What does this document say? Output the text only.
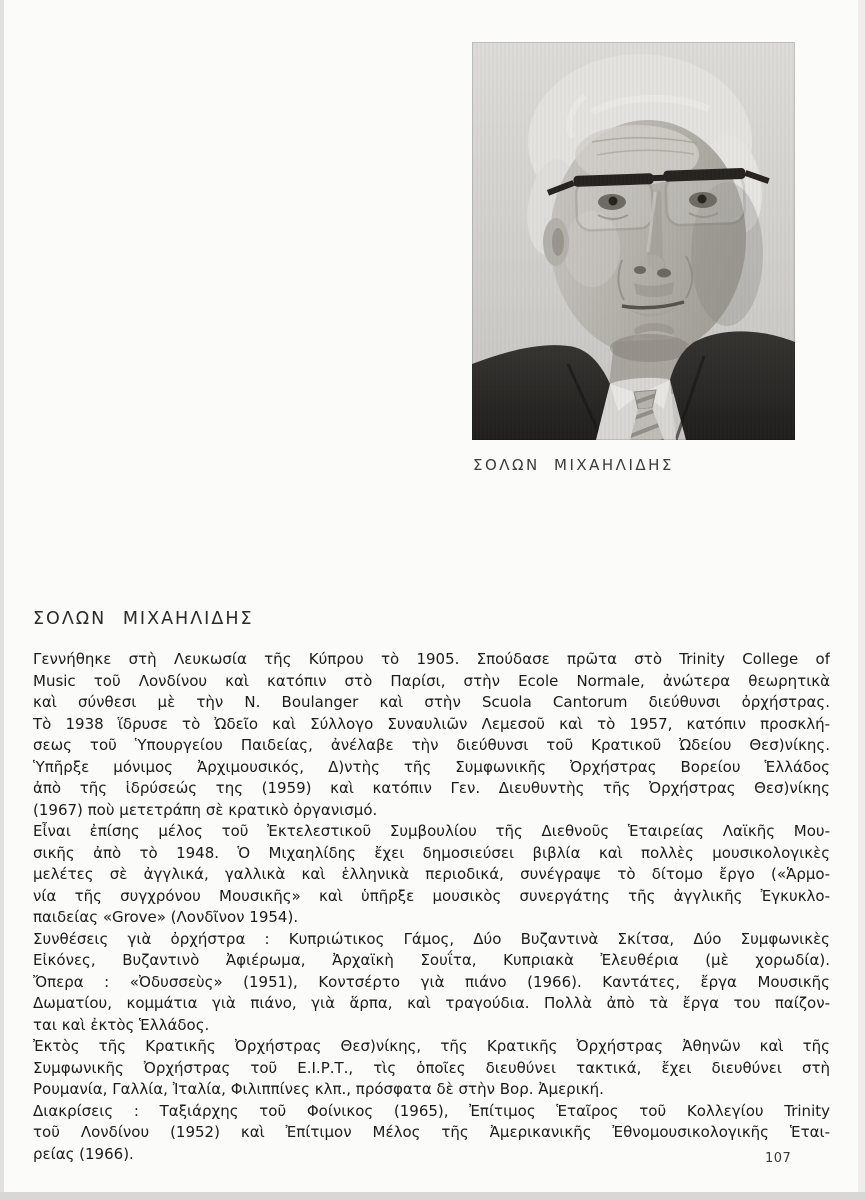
ΣΟΛΩΝ ΜΙΧΑΗΛΙΔΗΣ
ΣΟΛΩΝ ΜΙΧΑΗΛΙΔΗΣ
Γεννήθηκε στὴ Λευκωσία τῆς Κύπρου τὸ 1905. Σπούδασε πρῶτα στὸ Trinity College of
Music τοῦ Λονδίνου καὶ κατόπιν στὸ Παρίσι, στὴν Ecole Normale, ἀνώτερα θεωρητικὰ
καὶ σύνθεσι μὲ τὴν N. Boulanger καὶ στὴν Scuola Cantorum διεύθυνσι ὀρχήστρας.
Τὸ 1938 ἵδρυσε τὸ Ὠδεῖο καὶ Σύλλογο Συναυλιῶν Λεμεσοῦ καὶ τὸ 1957, κατόπιν προσκλή-
σεως τοῦ Ὑπουργείου Παιδείας, ἀνέλαβε τὴν διεύθυνσι τοῦ Κρατικοῦ Ὠδείου Θεσ)νίκης.
Ὑπῆρξε μόνιμος Ἀρχιμουσικός, Δ)ντὴς τῆς Συμφωνικῆς Ὀρχήστρας Βορείου Ἑλλάδος
ἀπὸ τῆς ἱδρύσεώς της (1959) καὶ κατόπιν Γεν. Διευθυντὴς τῆς Ὀρχήστρας Θεσ)νίκης
(1967) ποὺ μετετράπη σὲ κρατικὸ ὀργανισμό.
Εἶναι ἐπίσης μέλος τοῦ Ἐκτελεστικοῦ Συμβουλίου τῆς Διεθνοῦς Ἑταιρείας Λαϊκῆς Μου-
σικῆς ἀπὸ τὸ 1948. Ὁ Μιχαηλίδης ἔχει δημοσιεύσει βιβλία καὶ πολλὲς μουσικολογικὲς
μελέτες σὲ ἀγγλικά, γαλλικὰ καὶ ἑλληνικὰ περιοδικά, συνέγραψε τὸ δίτομο ἔργο («Ἁρμο-
νία τῆς συγχρόνου Μουσικῆς» καὶ ὑπῆρξε μουσικὸς συνεργάτης τῆς ἀγγλικῆς Ἐγκυκλο-
παιδείας «Grove» (Λονδῖνον 1954).
Συνθέσεις γιὰ ὀρχήστρα : Κυπριώτικος Γάμος, Δύο Βυζαντινὰ Σκίτσα, Δύο Συμφωνικὲς
Εἰκόνες, Βυζαντινὸ Ἀφιέρωμα, Ἀρχαϊκὴ Σουΐτα, Κυπριακὰ Ἐλευθέρια (μὲ χορωδία).
Ὄπερα : «Ὀδυσσεὺς» (1951), Κοντσέρτο γιὰ πιάνο (1966). Καντάτες, ἔργα Μουσικῆς
Δωματίου, κομμάτια γιὰ πιάνο, γιὰ ἅρπα, καὶ τραγούδια. Πολλὰ ἀπὸ τὰ ἔργα του παίζον-
ται καὶ ἐκτὸς Ἑλλάδος.
Ἐκτὸς τῆς Κρατικῆς Ὀρχήστρας Θεσ)νίκης, τῆς Κρατικῆς Ὀρχήστρας Ἀθηνῶν καὶ τῆς
Συμφωνικῆς Ὀρχήστρας τοῦ Ε.Ι.Ρ.Τ., τὶς ὁποῖες διευθύνει τακτικά, ἔχει διευθύνει στὴ
Ρουμανία, Γαλλία, Ἰταλία, Φιλιππίνες κλπ., πρόσφατα δὲ στὴν Βορ. Ἀμερική.
Διακρίσεις : Ταξιάρχης τοῦ Φοίνικος (1965), Ἐπίτιμος Ἑταῖρος τοῦ Κολλεγίου Trinity
τοῦ Λονδίνου (1952) καὶ Ἐπίτιμον Μέλος τῆς Ἀμερικανικῆς Ἐθνομουσικολογικῆς Ἑται-
ρείας (1966).	107
